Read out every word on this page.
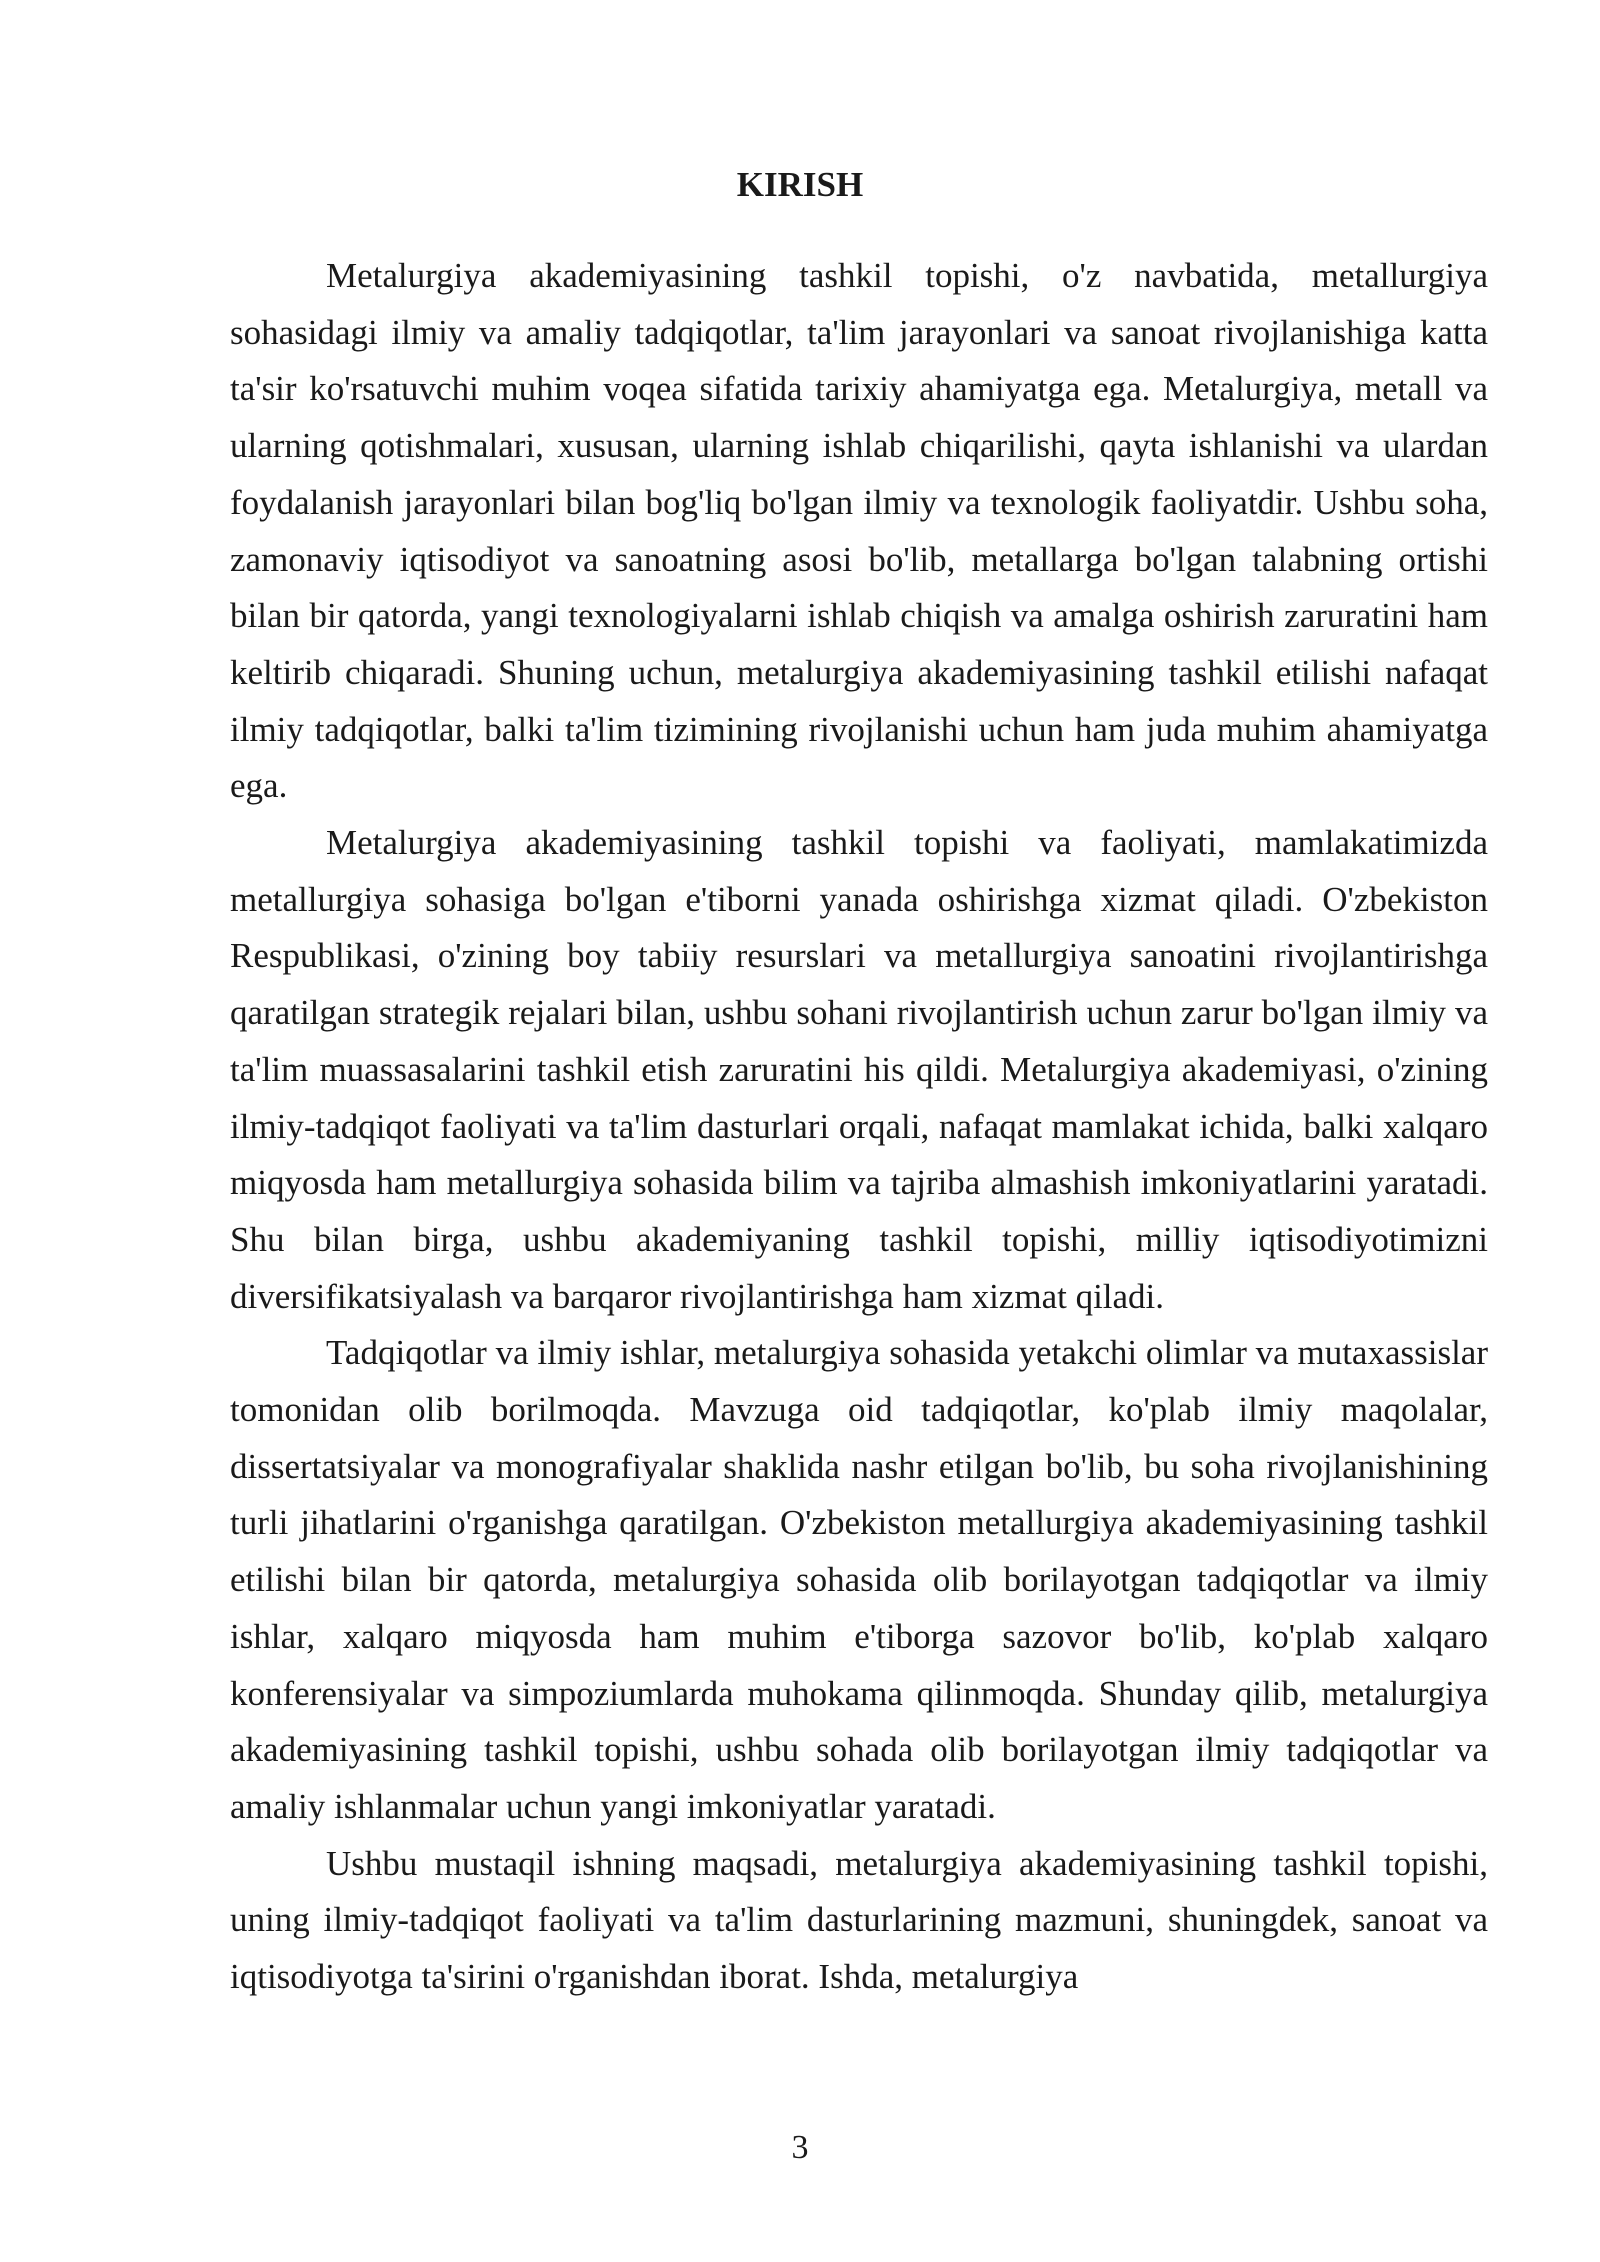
KIRISH

Metalurgiya akademiyasining tashkil topishi, o'z navbatida, metallurgiya sohasidagi ilmiy va amaliy tadqiqotlar, ta'lim jarayonlari va sanoat rivojlanishiga katta ta'sir ko'rsatuvchi muhim voqea sifatida tarixiy ahamiyatga ega. Metalurgiya, metall va ularning qotishmalari, xususan, ularning ishlab chiqarilishi, qayta ishlanishi va ulardan foydalanish jarayonlari bilan bog'liq bo'lgan ilmiy va texnologik faoliyatdir. Ushbu soha, zamonaviy iqtisodiyot va sanoatning asosi bo'lib, metallarga bo'lgan talabning ortishi bilan bir qatorda, yangi texnologiyalarni ishlab chiqish va amalga oshirish zaruratini ham keltirib chiqaradi. Shuning uchun, metalurgiya akademiyasining tashkil etilishi nafaqat ilmiy tadqiqotlar, balki ta'lim tizimining rivojlanishi uchun ham juda muhim ahamiyatga ega.

Metalurgiya akademiyasining tashkil topishi va faoliyati, mamlakatimizda metallurgiya sohasiga bo'lgan e'tiborni yanada oshirishga xizmat qiladi. O'zbekiston Respublikasi, o'zining boy tabiiy resurslari va metallurgiya sanoatini rivojlantirishga qaratilgan strategik rejalari bilan, ushbu sohani rivojlantirish uchun zarur bo'lgan ilmiy va ta'lim muassasalarini tashkil etish zaruratini his qildi. Metalurgiya akademiyasi, o'zining ilmiy-tadqiqot faoliyati va ta'lim dasturlari orqali, nafaqat mamlakat ichida, balki xalqaro miqyosda ham metallurgiya sohasida bilim va tajriba almashish imkoniyatlarini yaratadi. Shu bilan birga, ushbu akademiyaning tashkil topishi, milliy iqtisodiyotimizni diversifikatsiyalash va barqaror rivojlantirishga ham xizmat qiladi.

Tadqiqotlar va ilmiy ishlar, metalurgiya sohasida yetakchi olimlar va mutaxassislar tomonidan olib borilmoqda. Mavzuga oid tadqiqotlar, ko'plab ilmiy maqolalar, dissertatsiyalar va monografiyalar shaklida nashr etilgan bo'lib, bu soha rivojlanishining turli jihatlarini o'rganishga qaratilgan. O'zbekiston metallurgiya akademiyasining tashkil etilishi bilan bir qatorda, metalurgiya sohasida olib borilayotgan tadqiqotlar va ilmiy ishlar, xalqaro miqyosda ham muhim e'tiborga sazovor bo'lib, ko'plab xalqaro konferensiyalar va simpoziumlarda muhokama qilinmoqda. Shunday qilib, metalurgiya akademiyasining tashkil topishi, ushbu sohada olib borilayotgan ilmiy tadqiqotlar va amaliy ishlanmalar uchun yangi imkoniyatlar yaratadi.

Ushbu mustaqil ishning maqsadi, metalurgiya akademiyasining tashkil topishi, uning ilmiy-tadqiqot faoliyati va ta'lim dasturlarining mazmuni, shuningdek, sanoat va iqtisodiyotga ta'sirini o'rganishdan iborat. Ishda, metalurgiya

3
